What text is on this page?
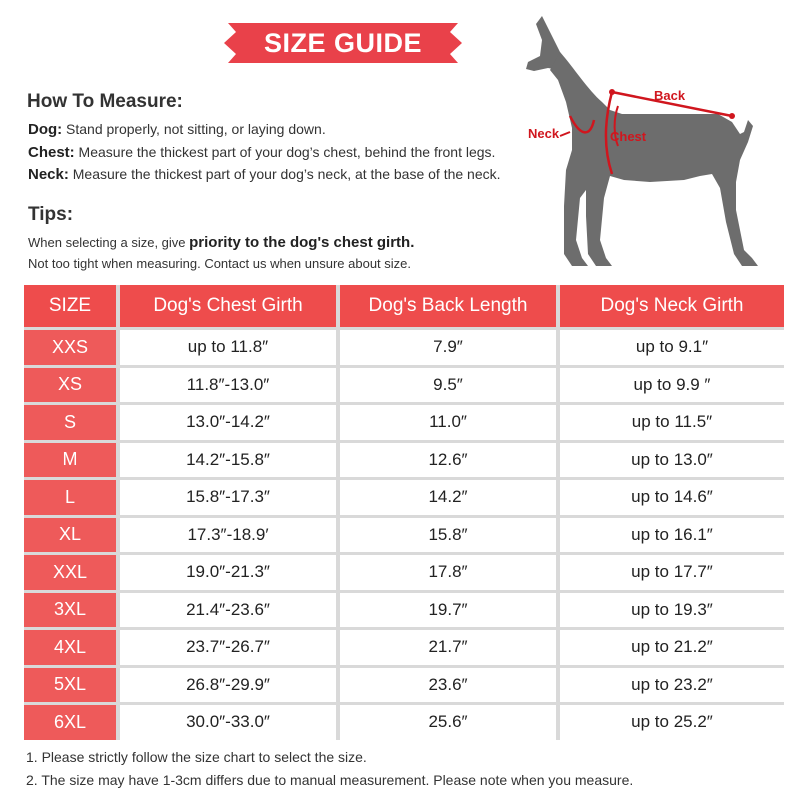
SIZE GUIDE
How To Measure:
Dog: Stand properly, not sitting, or laying down.
Chest: Measure the thickest part of your dog’s chest, behind the front legs.
Neck: Measure the thickest part of your dog’s neck, at the base of the neck.
Tips:
When selecting a size, give priority to the dog's chest girth.
Not too tight when measuring. Contact us when unsure about size.
Back
Neck	Chest
SIZE	Dog's Chest Girth	Dog's Back Length	Dog's Neck Girth
XXS	up to 11.8″	7.9″	up to 9.1″
XS	11.8″-13.0″	9.5″	up to 9.9 ″
S	13.0″-14.2″	11.0″	up to 11.5″
M	14.2″-15.8″	12.6″	up to 13.0″
L	15.8″-17.3″	14.2″	up to 14.6″
XL	17.3″-18.9′	15.8″	up to 16.1″
XXL	19.0″-21.3″	17.8″	up to 17.7″
3XL	21.4″-23.6″	19.7″	up to 19.3″
4XL	23.7″-26.7″	21.7″	up to 21.2″
5XL	26.8″-29.9″	23.6″	up to 23.2″
6XL	30.0″-33.0″	25.6″	up to 25.2″
1. Please strictly follow the size chart to select the size.
2. The size may have 1-3cm differs due to manual measurement. Please note when you measure.
